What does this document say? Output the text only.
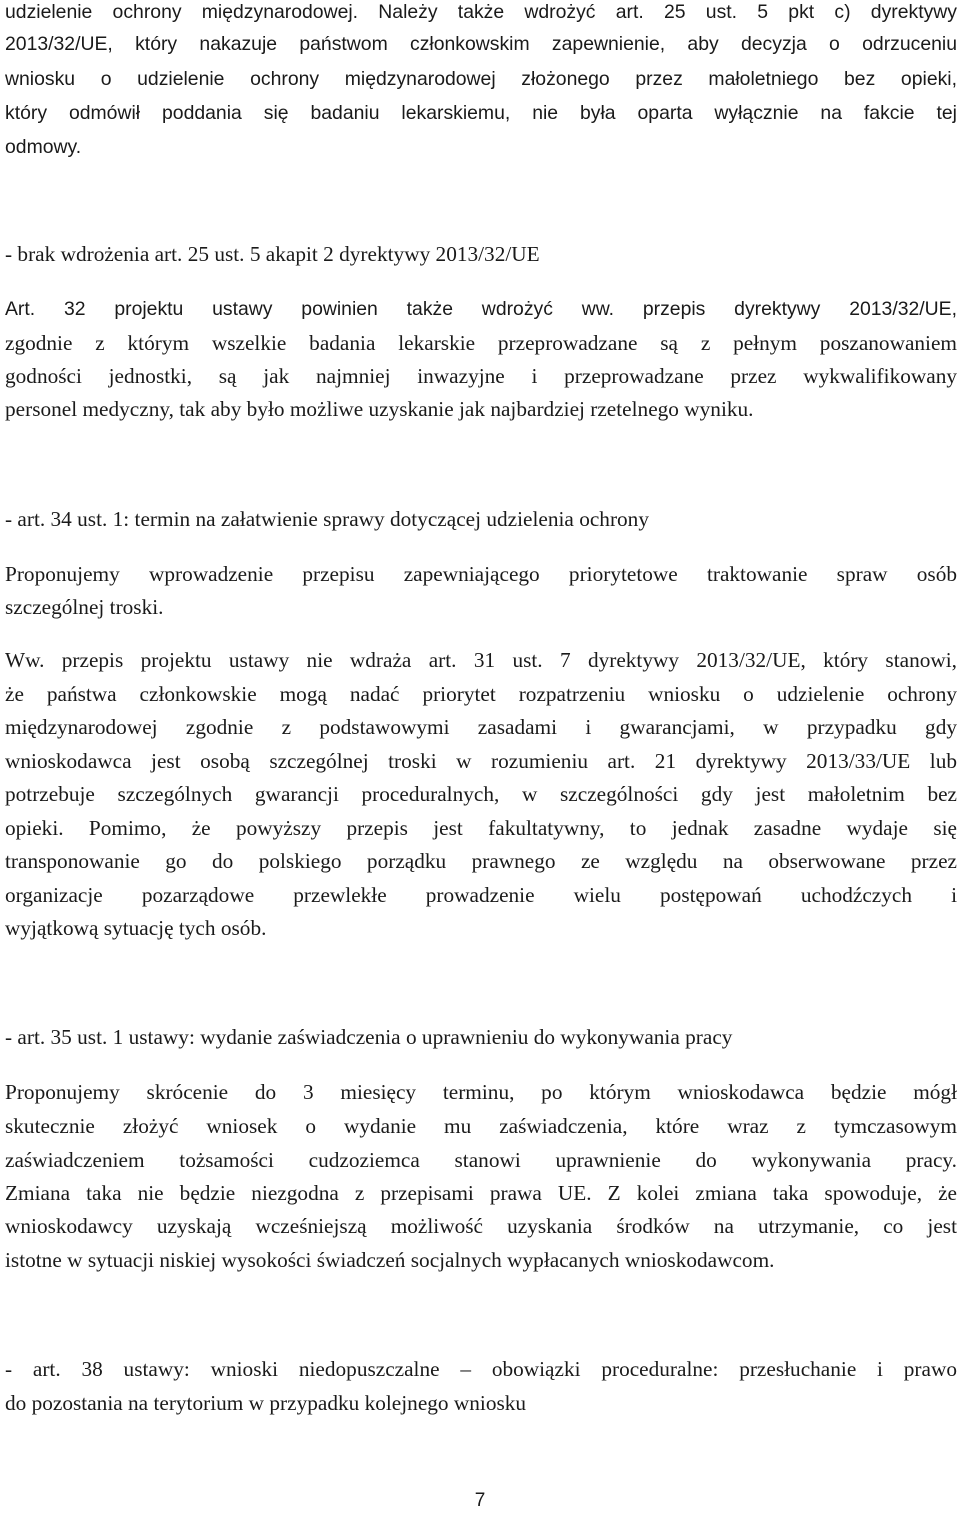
udzielenie ochrony międzynarodowej. Należy także wdrożyć art. 25 ust. 5 pkt c) dyrektywy

2013/32/UE, który nakazuje państwom członkowskim zapewnienie, aby decyzja o odrzuceniu

wniosku o udzielenie ochrony międzynarodowej złożonego przez małoletniego bez opieki,

który odmówił poddania się badaniu lekarskiemu, nie była oparta wyłącznie na fakcie tej

odmowy.

- brak wdrożenia art. 25 ust. 5 akapit 2 dyrektywy 2013/32/UE

Art. 32 projektu ustawy powinien także wdrożyć ww. przepis dyrektywy 2013/32/UE,

zgodnie z którym wszelkie badania lekarskie przeprowadzane są z pełnym poszanowaniem

godności jednostki, są jak najmniej inwazyjne i przeprowadzane przez wykwalifikowany

personel medyczny, tak aby było możliwe uzyskanie jak najbardziej rzetelnego wyniku.

- art. 34 ust. 1: termin na załatwienie sprawy dotyczącej udzielenia ochrony

Proponujemy wprowadzenie przepisu zapewniającego priorytetowe traktowanie spraw osób

szczególnej troski.

Ww. przepis projektu ustawy nie wdraża art. 31 ust. 7 dyrektywy 2013/32/UE, który stanowi,

że państwa członkowskie mogą nadać priorytet rozpatrzeniu wniosku o udzielenie ochrony

międzynarodowej zgodnie z podstawowymi zasadami i gwarancjami, w przypadku gdy

wnioskodawca jest osobą szczególnej troski w rozumieniu art. 21 dyrektywy 2013/33/UE lub

potrzebuje szczególnych gwarancji proceduralnych, w szczególności gdy jest małoletnim bez

opieki. Pomimo, że powyższy przepis jest fakultatywny, to jednak zasadne wydaje się

transponowanie go do polskiego porządku prawnego ze względu na obserwowane przez

organizacje pozarządowe przewlekłe prowadzenie wielu postępowań uchodźczych i

wyjątkową sytuację tych osób.

- art. 35 ust. 1 ustawy: wydanie zaświadczenia o uprawnieniu do wykonywania pracy

Proponujemy skrócenie do 3 miesięcy terminu, po którym wnioskodawca będzie mógł

skutecznie złożyć wniosek o wydanie mu zaświadczenia, które wraz z tymczasowym

zaświadczeniem tożsamości cudzoziemca stanowi uprawnienie do wykonywania pracy.

Zmiana taka nie będzie niezgodna z przepisami prawa UE. Z kolei zmiana taka spowoduje, że

wnioskodawcy uzyskają wcześniejszą możliwość uzyskania środków na utrzymanie, co jest

istotne w sytuacji niskiej wysokości świadczeń socjalnych wypłacanych wnioskodawcom.

- art. 38 ustawy: wnioski niedopuszczalne – obowiązki proceduralne: przesłuchanie i prawo

do pozostania na terytorium w przypadku kolejnego wniosku

7
